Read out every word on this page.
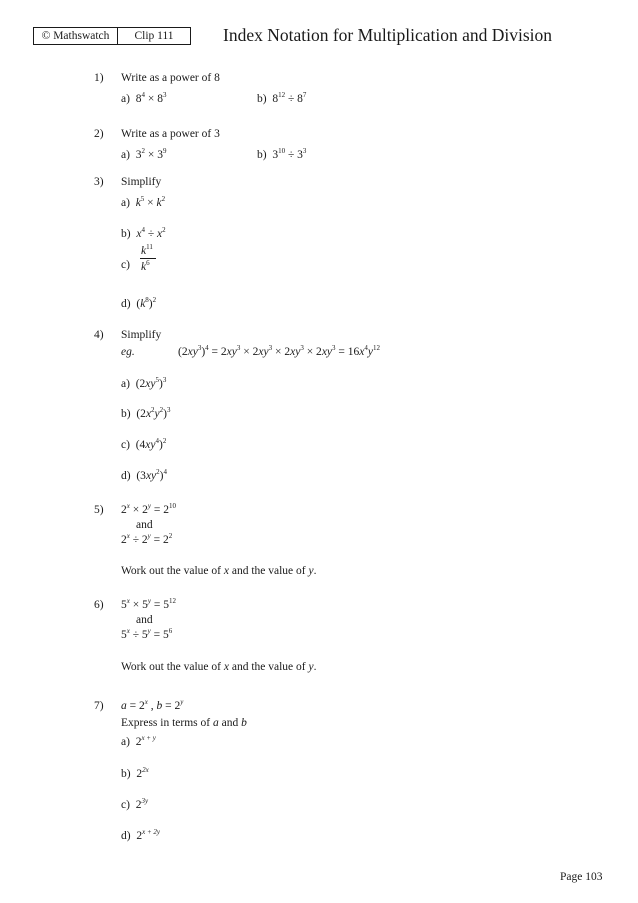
© Mathswatch	Clip 111	Index Notation for Multiplication and Division
1) Write as a power of 8
a) $8^4 \times 8^3$	b) $8^{12} \div 8^7$
2) Write as a power of 3
a) $3^2 \times 3^9$	b) $3^{10} \div 3^3$
3) Simplify
a) $k^5 \times k^2$
b) $x^4 \div x^2$
c)
$k^{11}$
$k^6$
d) $(k^8)^2$
4) Simplify
eg.	$(2xy^3)^4 = 2xy^3 \times 2xy^3 \times 2xy^3 \times 2xy^3 = 16x^4y^{12}$
a)  $(2xy^5)^3$
b)  $(2x^2y^2)^3$
c)  $(4xy^4)^2$
d)  $(3xy^2)^4$
5) $2^x \times 2^y = 2^{10}$
and
$2^x \div 2^y = 2^2$
Work out the value of x and the value of y.
6) $5^x \times 5^y = 5^{12}$
and
$5^x \div 5^y = 5^6$
Work out the value of x and the value of y.
7) $a = 2^x$ , $b = 2^y$
Express in terms of a and b
a) $2^{x + y}$
b) $2^{2x}$
c) $2^{3y}$
d) $2^{x + 2y}$
Page 103
